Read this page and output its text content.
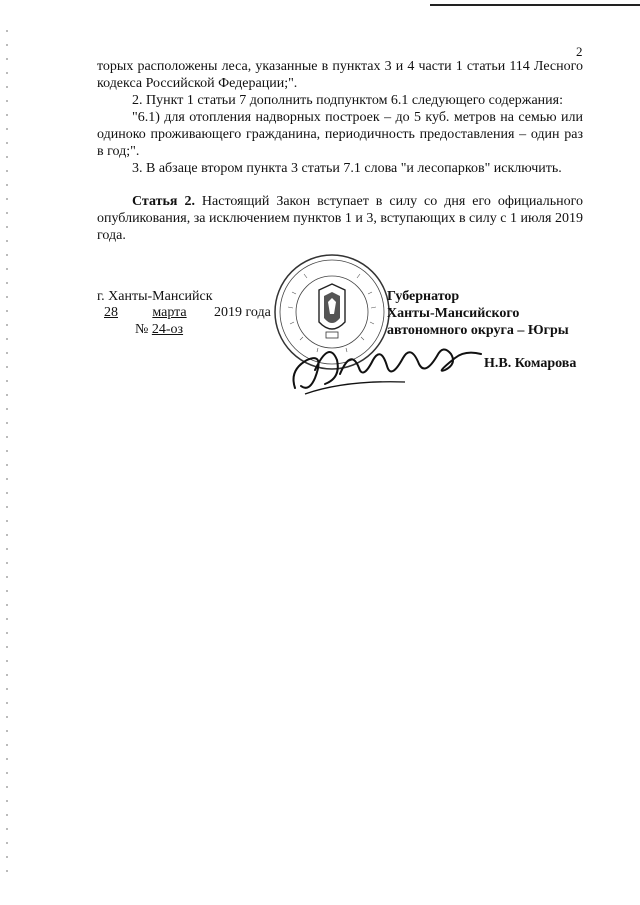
2

торых расположены леса, указанные в пунктах 3 и 4 части 1 статьи 114 Лесного кодекса Российской Федерации;".

2. Пункт 1 статьи 7 дополнить подпунктом 6.1 следующего содержания:

"6.1) для отопления надворных построек – до 5 куб. метров на семью или одиноко проживающего гражданина, периодичность предоставления – один раз в год;".

3. В абзаце втором пункта 3 статьи 7.1 слова "и лесопарков" исключить.

Статья 2. Настоящий Закон вступает в силу со дня его официального опубликования, за исключением пунктов 1 и 3, вступающих в силу с 1 июля 2019 года.

г. Ханты-Мансийск
28 марта 2019 года
№ 24-оз
Губернатор
Ханты-Мансийского
автономного округа – Югры
Н.В. Комарова
